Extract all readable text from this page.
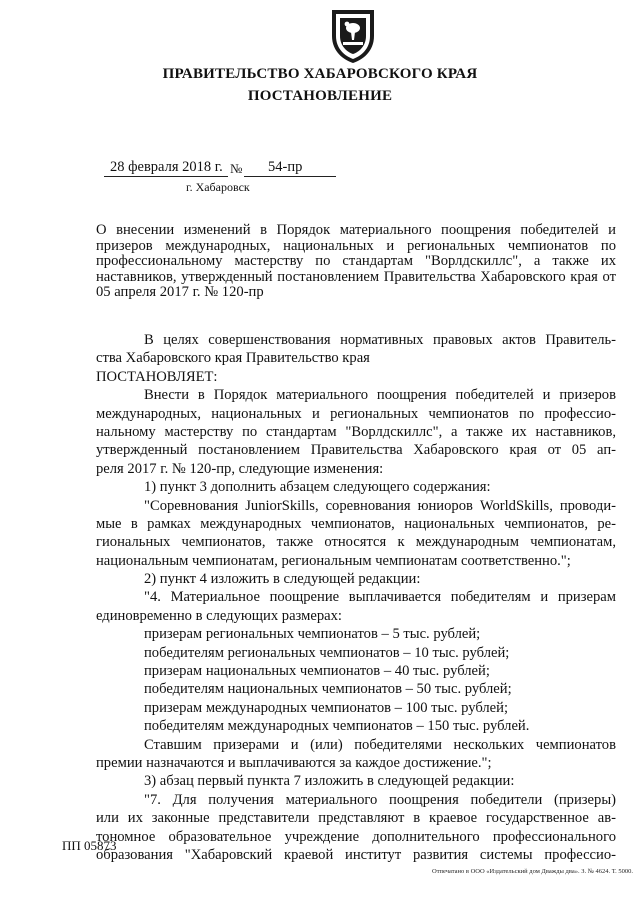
ПРАВИТЕЛЬСТВО ХАБАРОВСКОГО КРАЯ
ПОСТАНОВЛЕНИЕ
28 февраля 2018 г. № 54-пр
г. Хабаровск
О внесении изменений в Порядок материального поощрения победителей и призеров международных, национальных и региональных чемпионатов по профессиональному мастерству по стандартам "Ворлдскиллс", а также их наставников, утвержденный постановлением Правительства Хабаровского края от 05 апреля 2017 г. № 120-пр
В целях совершенствования нормативных правовых актов Правитель-
ства Хабаровского края Правительство края
ПОСТАНОВЛЯЕТ:
Внести в Порядок материального поощрения победителей и призеров
международных, национальных и региональных чемпионатов по профессио-
нальному мастерству по стандартам "Ворлдскиллс", а также их наставников,
утвержденный постановлением Правительства Хабаровского края от 05 ап-
реля 2017 г. № 120-пр, следующие изменения:
1) пункт 3 дополнить абзацем следующего содержания:
"Соревнования JuniorSkills, соревнования юниоров WorldSkills, проводи-
мые в рамках международных чемпионатов, национальных чемпионатов, ре-
гиональных чемпионатов, также относятся к международным чемпионатам,
национальным чемпионатам, региональным чемпионатам соответственно.";
2) пункт 4 изложить в следующей редакции:
"4. Материальное поощрение выплачивается победителям и призерам
единовременно в следующих размерах:
призерам региональных чемпионатов – 5 тыс. рублей;
победителям региональных чемпионатов – 10 тыс. рублей;
призерам национальных чемпионатов – 40 тыс. рублей;
победителям национальных чемпионатов – 50 тыс. рублей;
призерам международных чемпионатов – 100 тыс. рублей;
победителям международных чемпионатов – 150 тыс. рублей.
Ставшим призерами и (или) победителями нескольких чемпионатов
премии назначаются и выплачиваются за каждое достижение.";
3) абзац первый пункта 7 изложить в следующей редакции:
"7. Для получения материального поощрения победители (призеры)
или их законные представители представляют в краевое государственное ав-
тономное образовательное учреждение дополнительного профессионального
образования "Хабаровский краевой институт развития системы профессио-
ПП 05873
Отпечатано в ООО «Издательский дом Дважды два». З. № 4624. Т. 5000.
